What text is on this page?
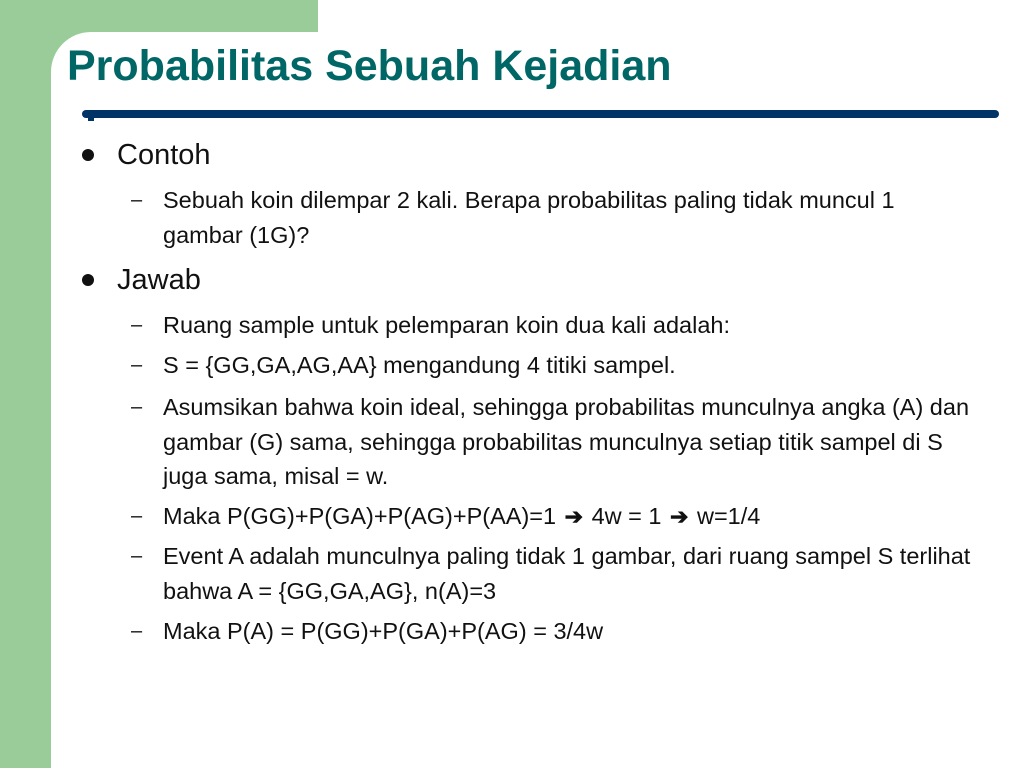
Probabilitas Sebuah Kejadian
Contoh
– Sebuah koin dilempar 2 kali. Berapa probabilitas paling tidak muncul 1 gambar (1G)?
Jawab
– Ruang sample untuk pelemparan koin dua kali adalah:
– S = {GG,GA,AG,AA} mengandung 4 titiki sampel.
– Asumsikan bahwa koin ideal, sehingga probabilitas munculnya angka (A) dan gambar (G) sama, sehingga probabilitas munculnya setiap titik sampel di S juga sama, misal = w.
– Maka P(GG)+P(GA)+P(AG)+P(AA)=1 ➔ 4w = 1 ➔ w=1/4
– Event A adalah munculnya paling tidak 1 gambar, dari ruang sampel S terlihat bahwa A = {GG,GA,AG}, n(A)=3
– Maka P(A) = P(GG)+P(GA)+P(AG) = 3/4w
